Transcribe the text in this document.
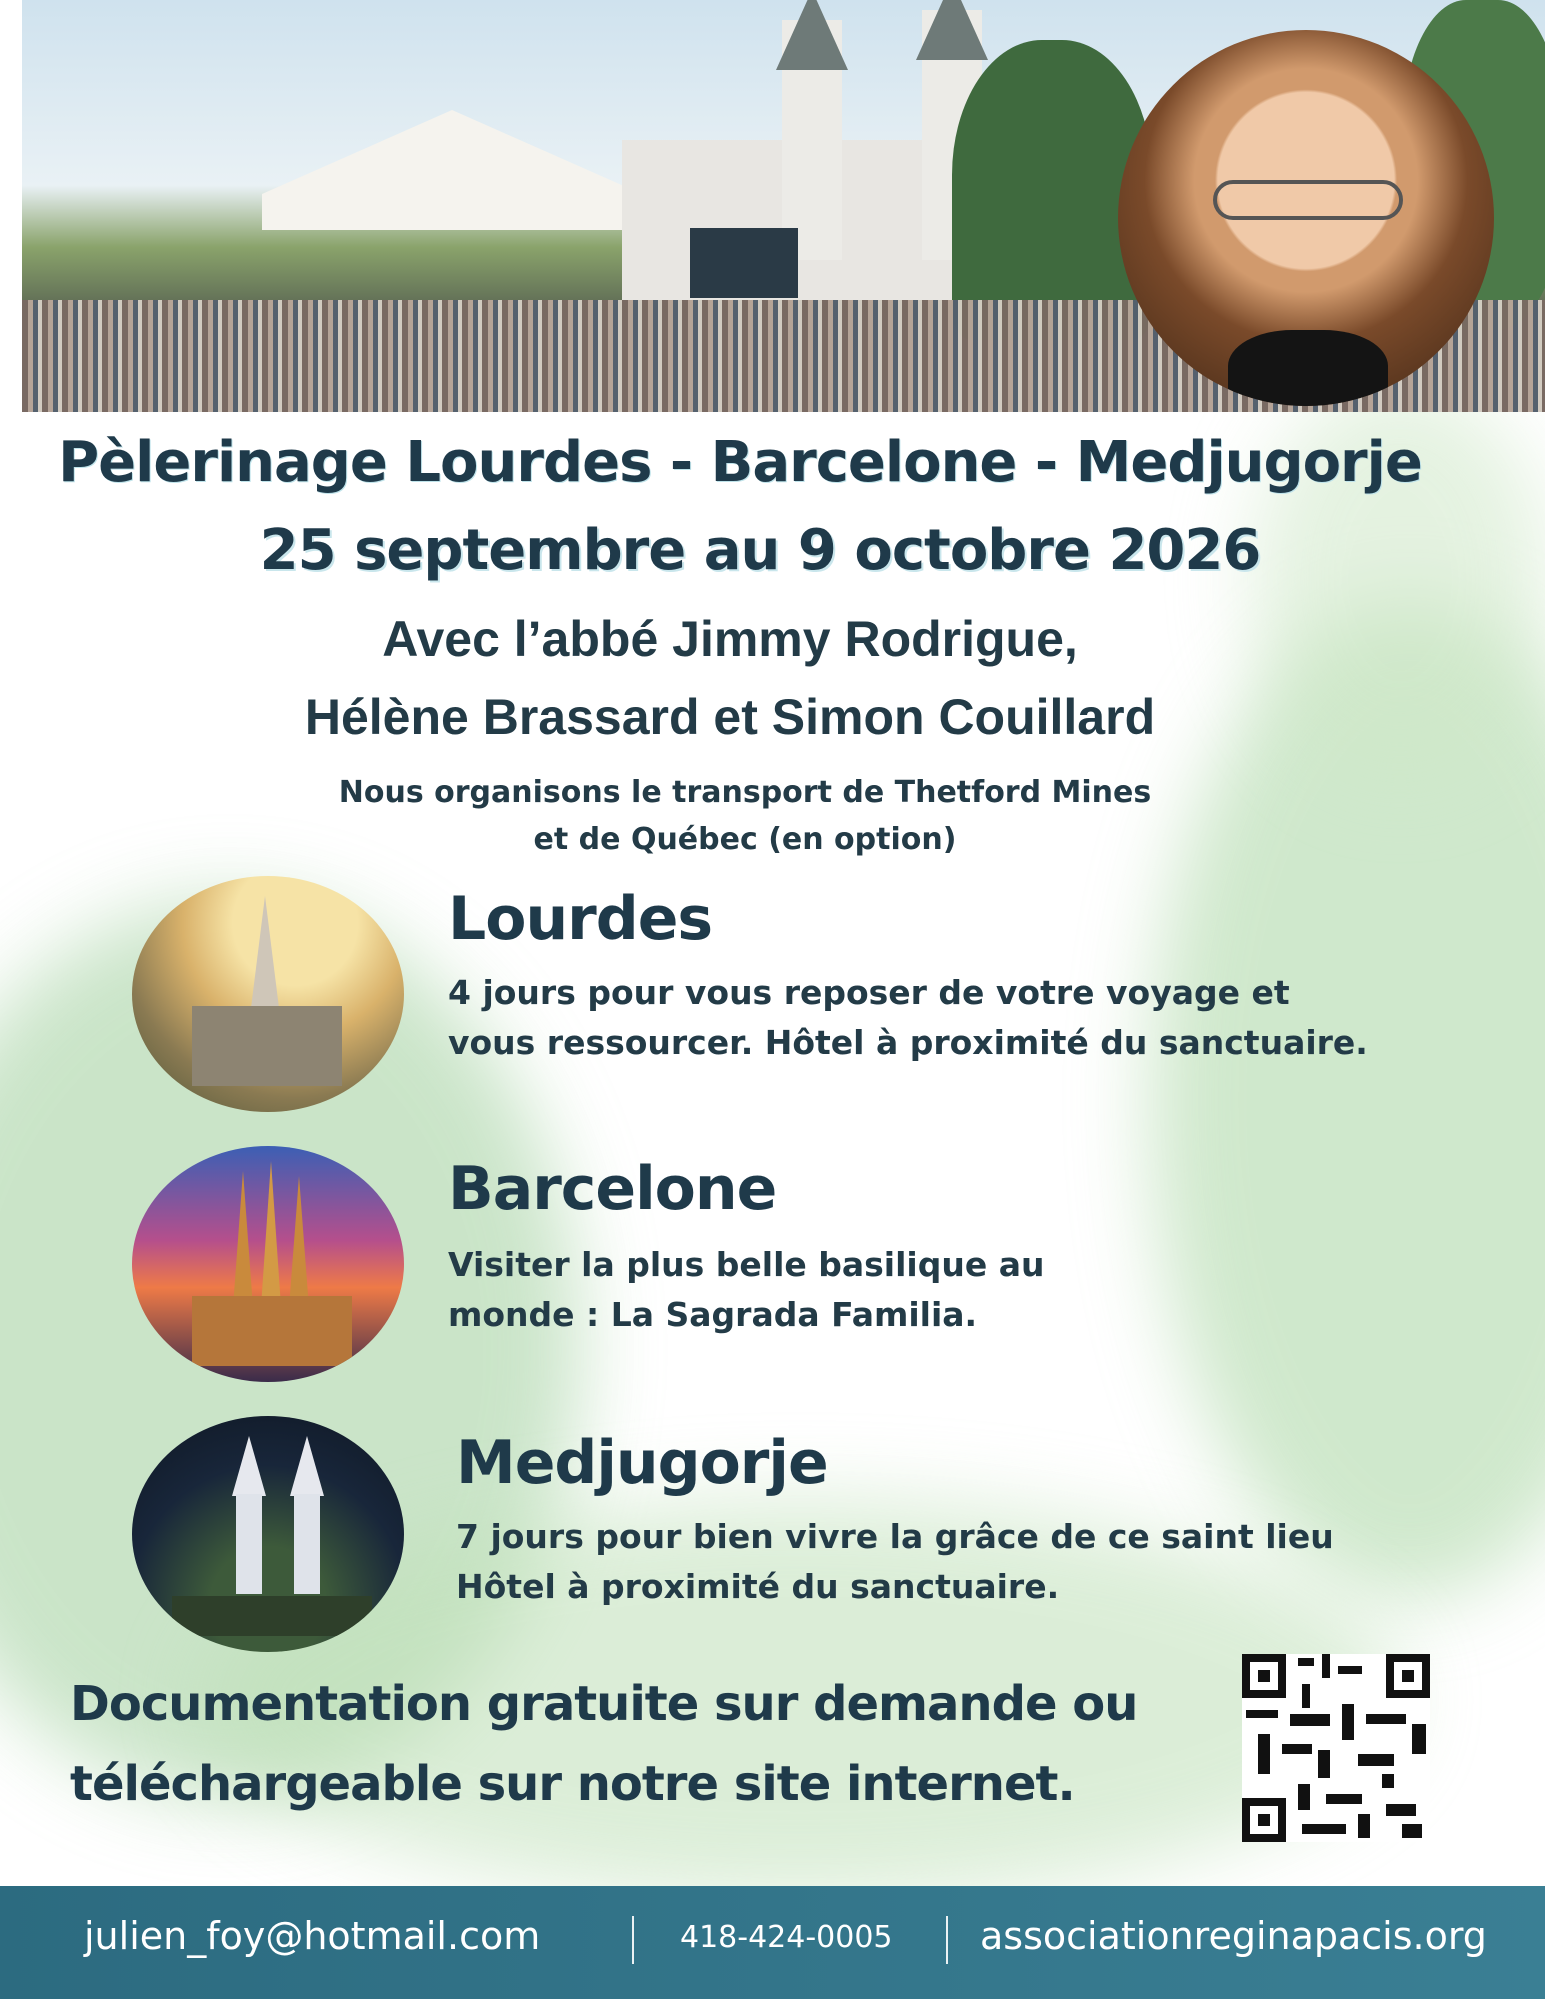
Pèlerinage Lourdes - Barcelone - Medjugorje
25 septembre au 9 octobre 2026
Avec l’abbé Jimmy Rodrigue,
Hélène Brassard et Simon Couillard
Nous organisons le transport de Thetford Mines
et de Québec (en option)
Lourdes
4 jours pour vous reposer de votre voyage et
vous ressourcer. Hôtel à proximité du sanctuaire.
Barcelone
Visiter la plus belle basilique au
monde : La Sagrada Familia.
Medjugorje
7 jours pour bien vivre la grâce de ce saint lieu
Hôtel à proximité du sanctuaire.
Documentation gratuite sur demande ou
téléchargeable sur notre site internet.
julien_foy@hotmail.com	418-424-0005 associationreginapacis.org
